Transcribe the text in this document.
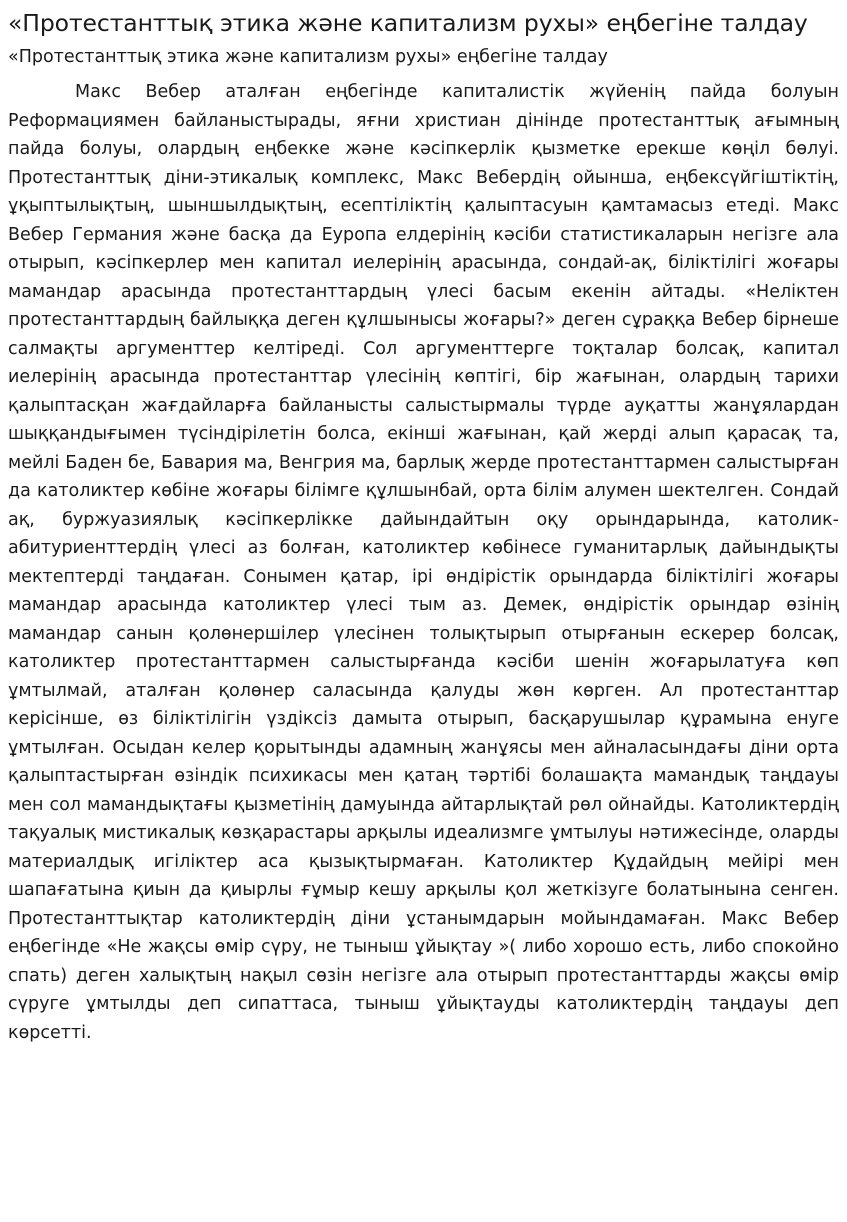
«Протестанттық этика және капитализм рухы» еңбегіне талдау
«Протестанттық этика және капитализм рухы» еңбегіне талдау

Макс Вебер аталған еңбегінде капиталистік жүйенің пайда болуын Реформациямен байланыстырады, яғни христиан дінінде протестанттық ағымның пайда болуы, олардың еңбекке және кәсіпкерлік қызметке ерекше көңіл бөлуі. Протестанттық діни-этикалық комплекс, Макс Вебердің ойынша, еңбексүйгіштіктің, ұқыптылықтың, шыншылдықтың, есептіліктің қалыптасуын қамтамасыз етеді. Макс Вебер Германия және басқа да Еуропа елдерінің кәсіби статистикаларын негізге ала отырып, кәсіпкерлер мен капитал иелерінің арасында, сондай-ақ, біліктілігі жоғары мамандар арасында протестанттардың үлесі басым екенін айтады. «Неліктен протестанттардың байлыққа деген құлшынысы жоғары?» деген сұраққа Вебер бірнеше салмақты аргументтер келтіреді. Сол аргументтерге тоқталар болсақ, капитал иелерінің арасында протестанттар үлесінің көптігі, бір жағынан, олардың тарихи қалыптасқан жағдайларға байланысты салыстырмалы түрде ауқатты жанұялардан шыққандығымен түсіндірілетін болса, екінші жағынан, қай жерді алып қарасақ та, мейлі Баден бе, Бавария ма, Венгрия ма, барлық жерде протестанттармен салыстырған да католиктер көбіне жоғары білімге құлшынбай, орта білім алумен шектелген. Сондай ақ, буржуазиялық кәсіпкерлікке дайындайтын оқу орындарында, католик-абитуриенттердің үлесі аз болған, католиктер көбінесе гуманитарлық дайындықты мектептерді таңдаған. Сонымен қатар, ірі өндірістік орындарда біліктілігі жоғары мамандар арасында католиктер үлесі тым аз. Демек, өндірістік орындар өзінің мамандар санын қолөнершілер үлесінен толықтырып отырғанын ескерер болсақ, католиктер протестанттармен салыстырғанда кәсіби шенін жоғарылатуға көп ұмтылмай, аталған қолөнер саласында қалуды жөн көрген. Ал протестанттар керісінше, өз біліктілігін үздіксіз дамыта отырып, басқарушылар құрамына енуге ұмтылған. Осыдан келер қорытынды адамның жанұясы мен айналасындағы діни орта қалыптастырған өзіндік психикасы мен қатаң тәртібі болашақта мамандық таңдауы мен сол мамандықтағы қызметінің дамуында айтарлықтай рөл ойнайды. Католиктердің тақуалық мистикалық көзқарастары арқылы идеализмге ұмтылуы нәтижесінде, оларды материалдық игіліктер аса қызықтырмаған. Католиктер Құдайдың мейірі мен шапағатына қиын да қиырлы ғұмыр кешу арқылы қол жеткізуге болатынына сенген. Протестанттықтар католиктердің діни ұстанымдарын мойындамаған. Макс Вебер еңбегінде «Не жақсы өмір сүру, не тыныш ұйықтау »( либо хорошо есть, либо спокойно спать) деген халықтың нақыл сөзін негізге ала отырып протестанттарды жақсы өмір сүруге ұмтылды деп сипаттаса, тыныш ұйықтауды католиктердің таңдауы деп көрсетті.
